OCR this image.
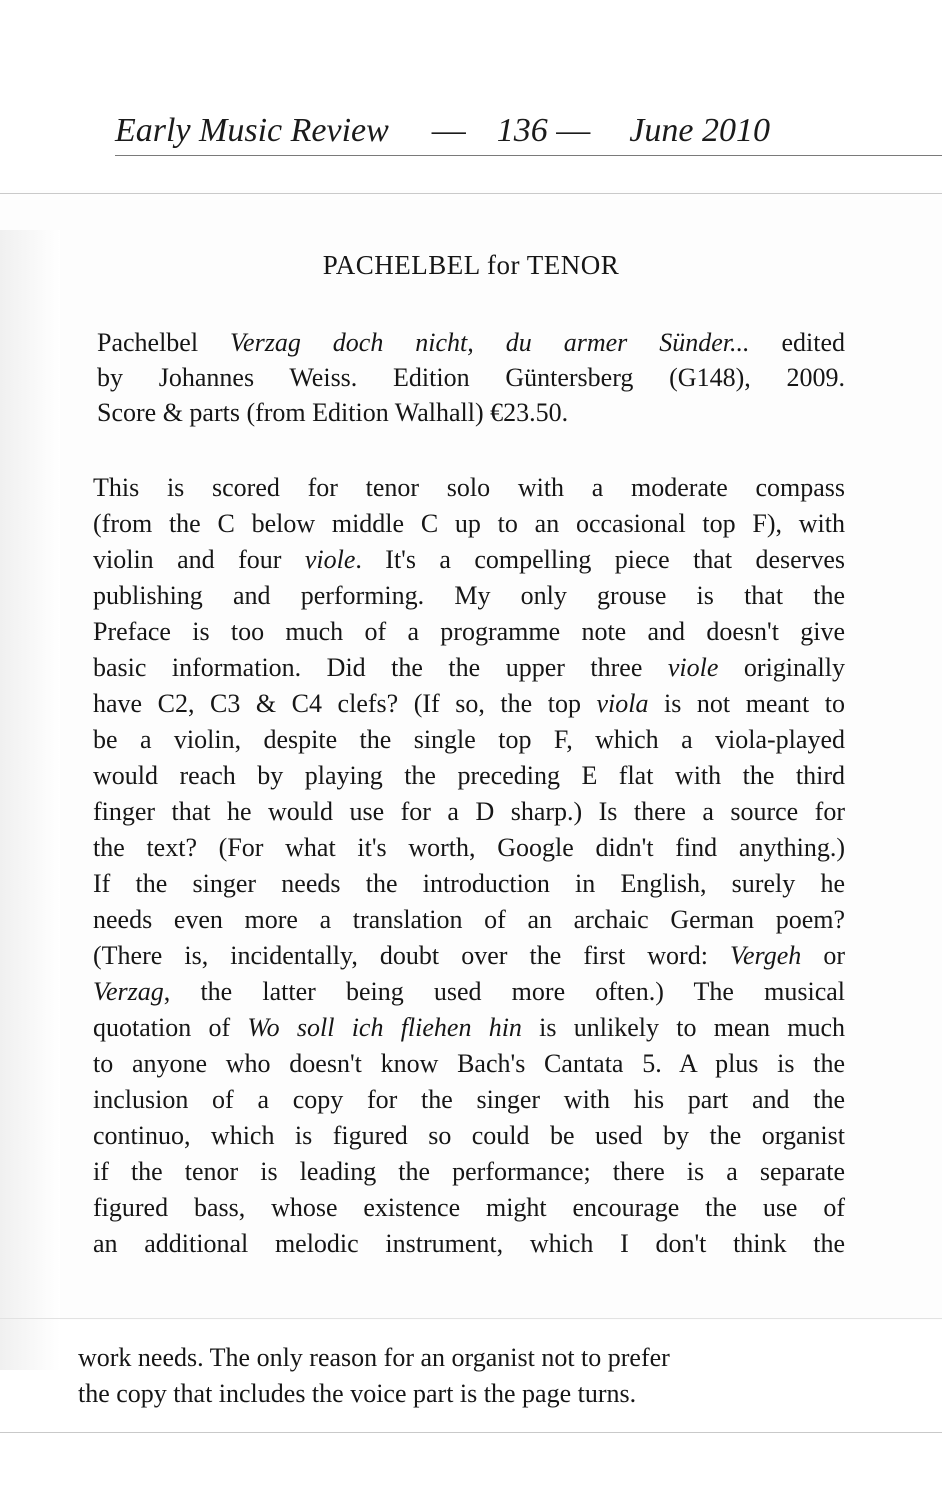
Early Music Review — 136 — June 2010
PACHELBEL for TENOR
Pachelbel Verzag doch nicht, du armer Sünder... edited
by Johannes Weiss. Edition Güntersberg (G148), 2009.
Score & parts (from Edition Walhall) €23.50.
This is scored for tenor solo with a moderate compass
(from the C below middle C up to an occasional top F), with
violin and four viole. It's a compelling piece that deserves
publishing and performing. My only grouse is that the
Preface is too much of a programme note and doesn't give
basic information. Did the the upper three viole originally
have C2, C3 & C4 clefs? (If so, the top viola is not meant to
be a violin, despite the single top F, which a viola-played
would reach by playing the preceding E flat with the third
finger that he would use for a D sharp.) Is there a source for
the text? (For what it's worth, Google didn't find anything.)
If the singer needs the introduction in English, surely he
needs even more a translation of an archaic German poem?
(There is, incidentally, doubt over the first word: Vergeh or
Verzag, the latter being used more often.) The musical
quotation of Wo soll ich fliehen hin is unlikely to mean much
to anyone who doesn't know Bach's Cantata 5. A plus is the
inclusion of a copy for the singer with his part and the
continuo, which is figured so could be used by the organist
if the tenor is leading the performance; there is a separate
figured bass, whose existence might encourage the use of
an additional melodic instrument, which I don't think the
work needs. The only reason for an organist not to prefer
the copy that includes the voice part is the page turns.
